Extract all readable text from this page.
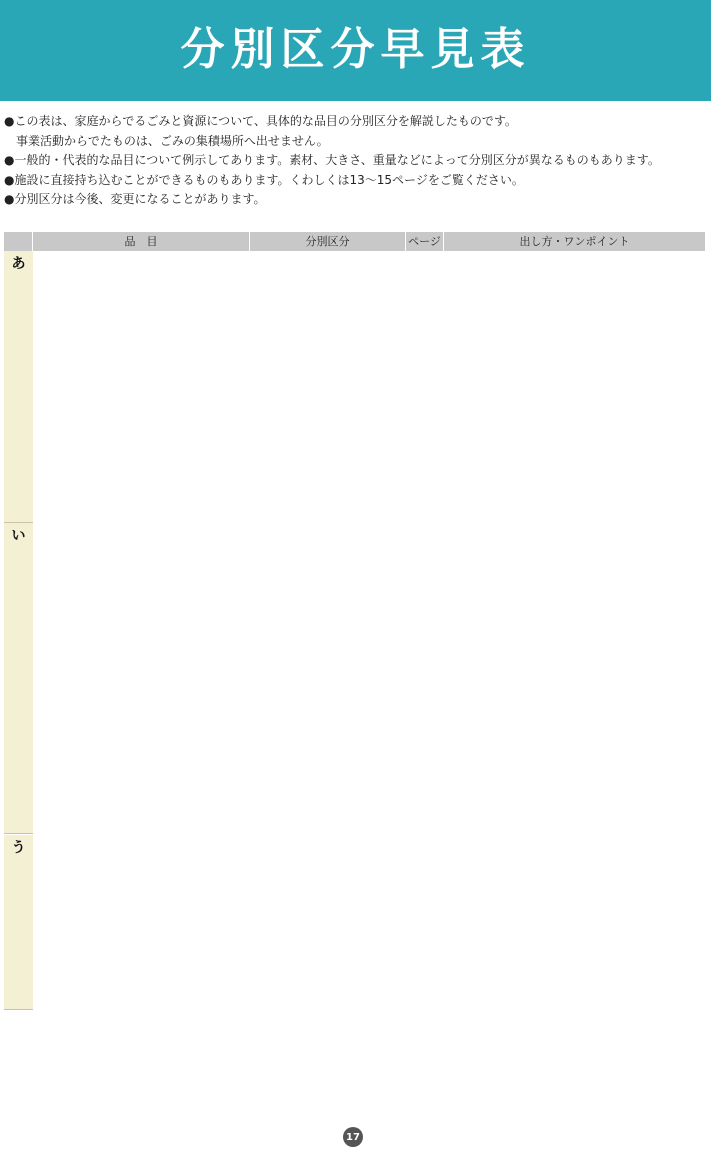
分別区分早見表
●この表は、家庭からでるごみと資源について、具体的な品目の分別区分を解説したものです。
事業活動からでたものは、ごみの集積場所へ出せません。
●一般的・代表的な品目について例示してあります。素材、大きさ、重量などによって分別区分が異なるものもあります。
●施設に直接持ち込むことができるものもあります。くわしくは13～15ページをご覧ください。
●分別区分は今後、変更になることがあります。
品　目	分別区分	ページ	出し方・ワンポイント
あ
い
う
17
